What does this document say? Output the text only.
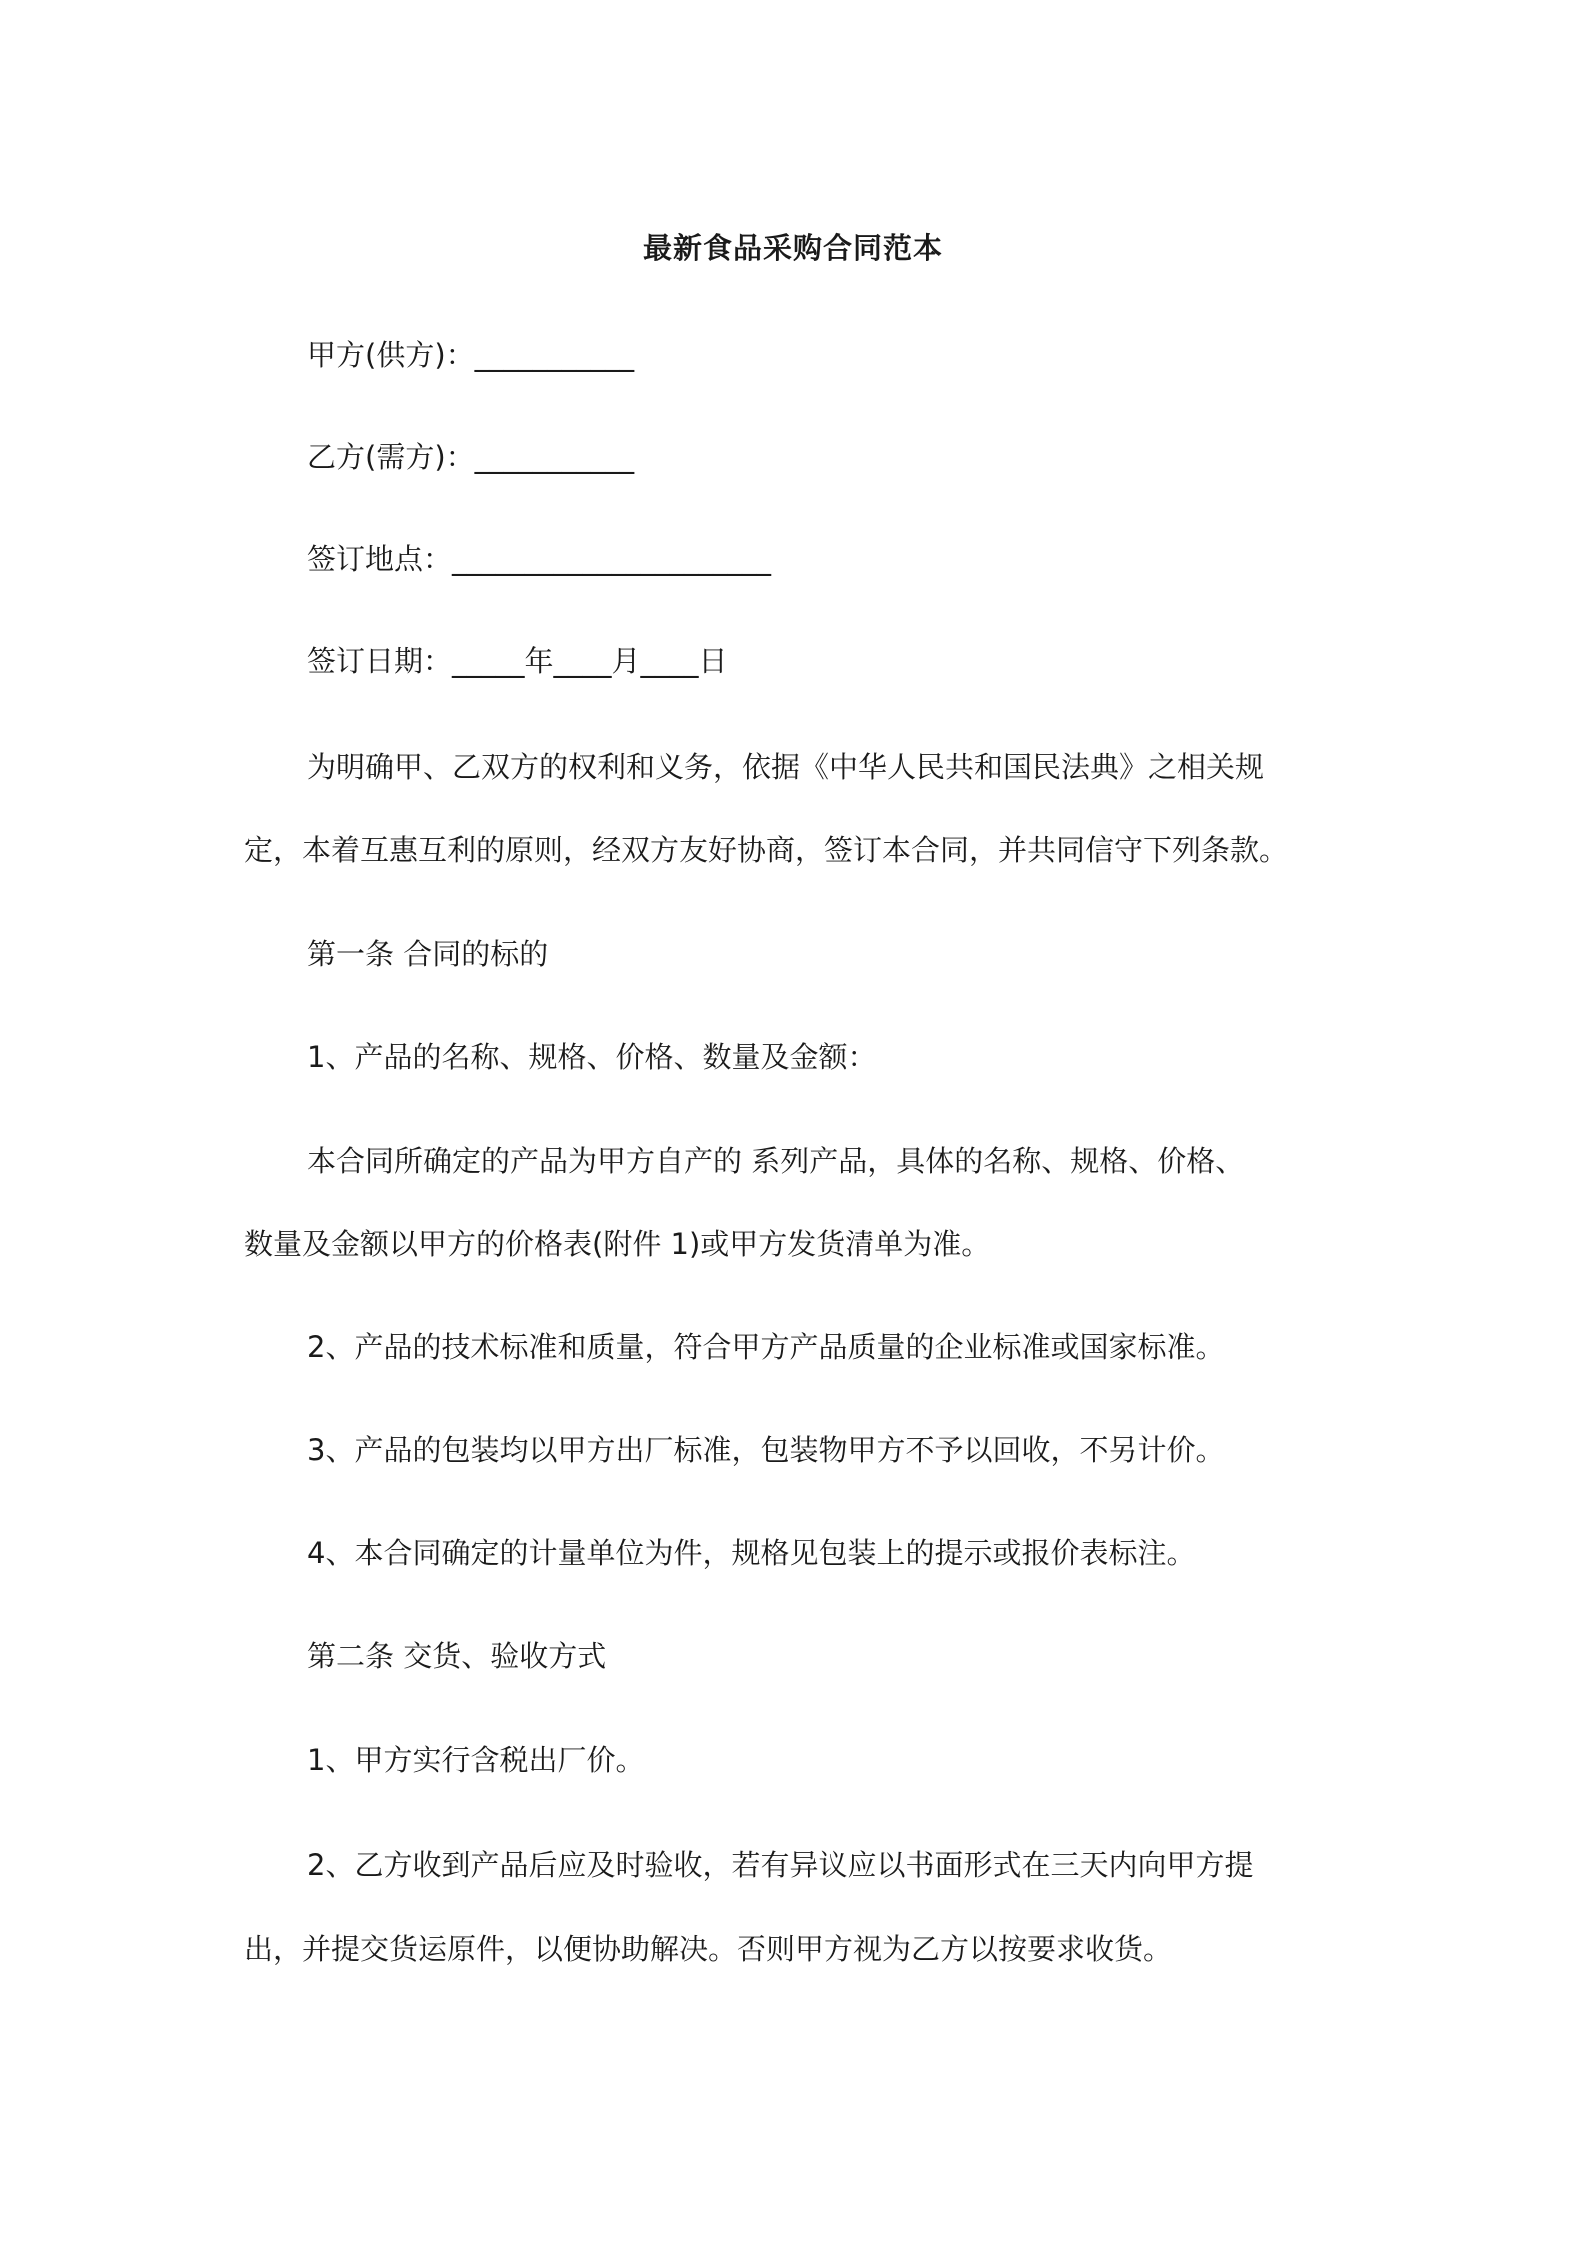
最新食品采购合同范本
甲方(供方)：___________
乙方(需方)：___________
签订地点：______________________
签订日期：_____年____月____日
为明确甲、乙双方的权利和义务，依据《中华人民共和国民法典》之相关规
定，本着互惠互利的原则，经双方友好协商，签订本合同，并共同信守下列条款。
第一条 合同的标的
1、产品的名称、规格、价格、数量及金额：
本合同所确定的产品为甲方自产的 系列产品，具体的名称、规格、价格、
数量及金额以甲方的价格表(附件 1)或甲方发货清单为准。
2、产品的技术标准和质量，符合甲方产品质量的企业标准或国家标准。
3、产品的包装均以甲方出厂标准，包装物甲方不予以回收，不另计价。
4、本合同确定的计量单位为件，规格见包装上的提示或报价表标注。
第二条 交货、验收方式
1、甲方实行含税出厂价。
2、乙方收到产品后应及时验收，若有异议应以书面形式在三天内向甲方提
出，并提交货运原件，以便协助解决。否则甲方视为乙方以按要求收货。
